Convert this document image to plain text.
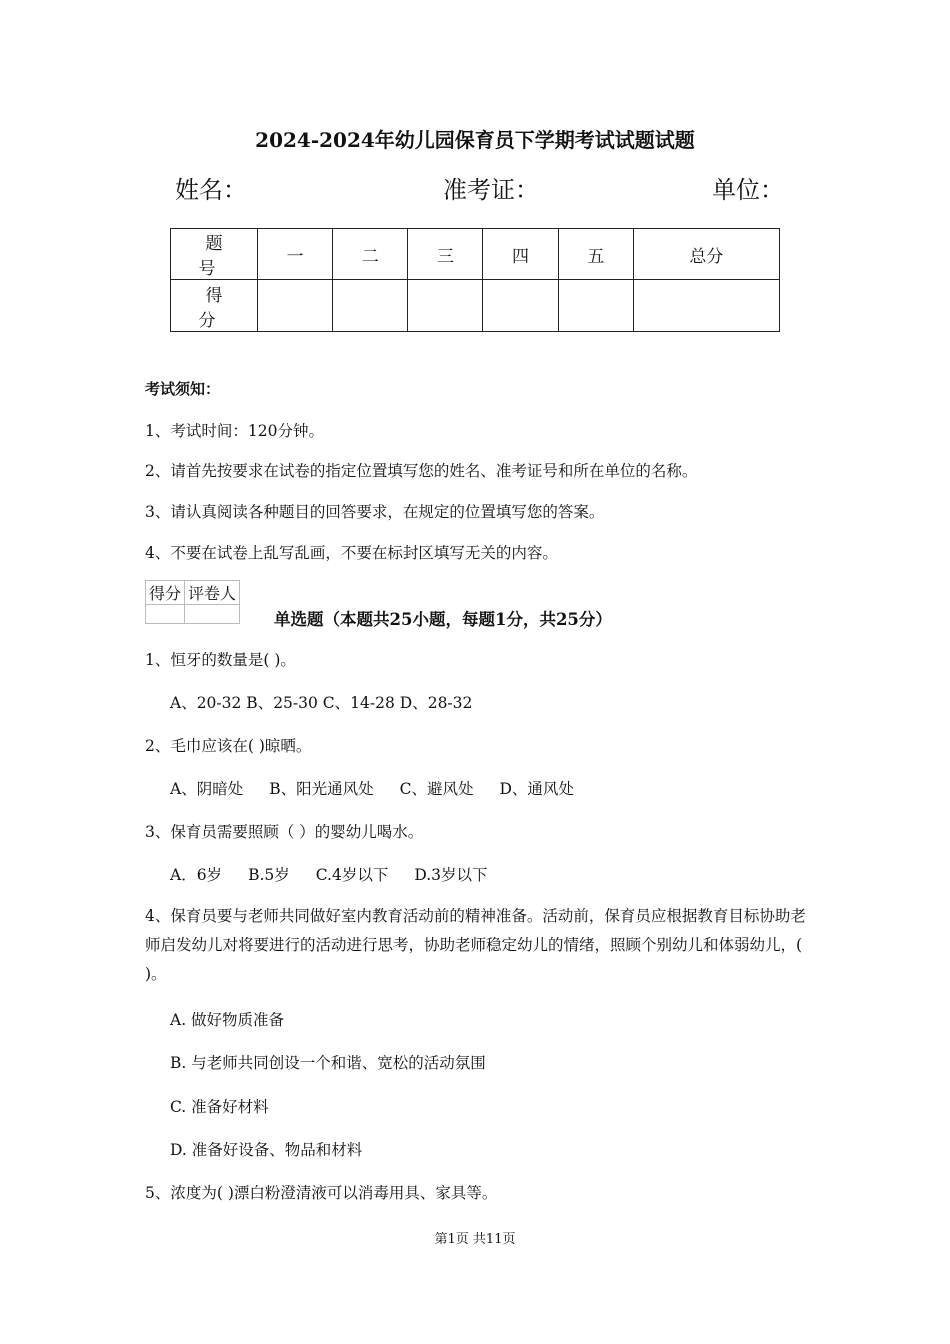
2024-2024年幼儿园保育员下学期考试试题试题
姓名：	准考证：	单位：
题 号	一	二	三	四	五	总分
得 分						
考试须知：
1、考试时间：120分钟。
2、请首先按要求在试卷的指定位置填写您的姓名、准考证号和所在单位的名称。
3、请认真阅读各种题目的回答要求，在规定的位置填写您的答案。
4、不要在试卷上乱写乱画，不要在标封区填写无关的内容。
得分	评卷人

单选题（本题共25小题，每题1分，共25分）
1、恒牙的数量是( )。
A、20-32 B、25-30 C、14-28 D、28-32
2、毛巾应该在( )晾晒。
A、阴暗处 B、阳光通风处 C、避风处 D、通风处
3、保育员需要照顾（ ）的婴幼儿喝水。
A．6岁 B.5岁 C.4岁以下 D.3岁以下
4、保育员要与老师共同做好室内教育活动前的精神准备。活动前，保育员应根据教育目标协助老师启发幼儿对将要进行的活动进行思考，协助老师稳定幼儿的情绪，照顾个别幼儿和体弱幼儿，( )。
A. 做好物质准备
B. 与老师共同创设一个和谐、宽松的活动氛围
C. 准备好材料
D. 准备好设备、物品和材料
5、浓度为( )漂白粉澄清液可以消毒用具、家具等。
第1页 共11页
